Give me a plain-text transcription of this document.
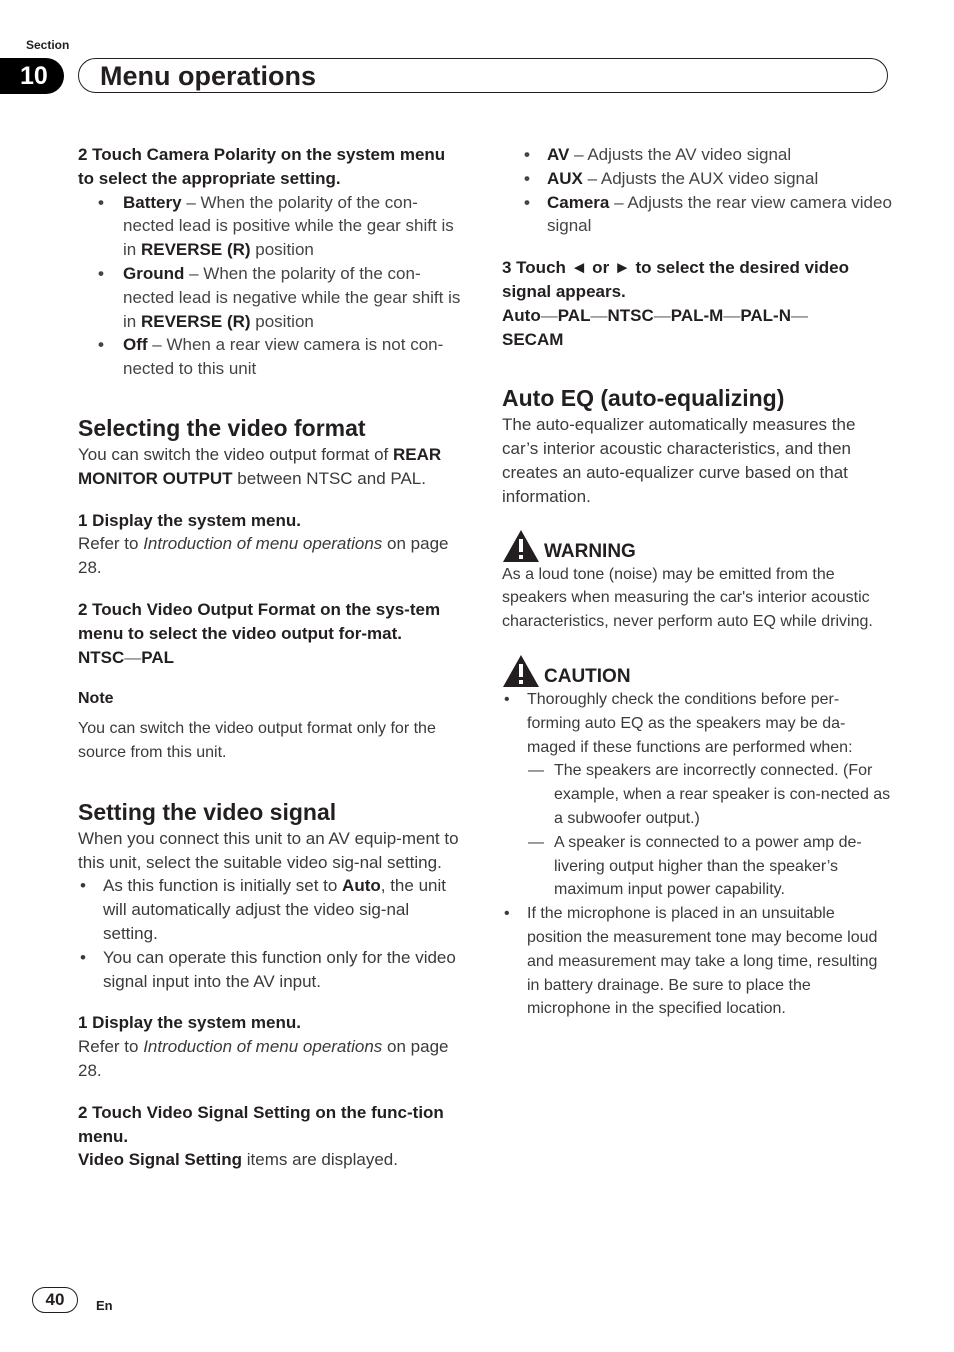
Section
10	Menu operations

2 Touch Camera Polarity on the system menu to select the appropriate setting.

• Battery – When the polarity of the con-nected lead is positive while the gear shift is in REVERSE (R) position
• Ground – When the polarity of the con-nected lead is negative while the gear shift is in REVERSE (R) position
• Off – When a rear view camera is not con-nected to this unit
Selecting the video format

You can switch the video output format of REAR MONITOR OUTPUT between NTSC and PAL.

1 Display the system menu.

Refer to Introduction of menu operations on page 28.

2 Touch Video Output Format on the sys-tem menu to select the video output for-mat.

NTSC—PAL

Note

You can switch the video output format only for the source from this unit.

Setting the video signal

When you connect this unit to an AV equip-ment to this unit, select the suitable video sig-nal setting.

• As this function is initially set to Auto, the unit will automatically adjust the video sig-nal setting.
• You can operate this function only for the video signal input into the AV input.

1 Display the system menu.

Refer to Introduction of menu operations on page 28.

2 Touch Video Signal Setting on the func-tion menu.

Video Signal Setting items are displayed.

• AV – Adjusts the AV video signal
• AUX – Adjusts the AUX video signal
• Camera – Adjusts the rear view camera video signal

3 Touch ◄ or ► to select the desired video signal appears.

Auto—PAL—NTSC—PAL-M—PAL-N—
SECAM

Auto EQ (auto-equalizing)

The auto-equalizer automatically measures the car’s interior acoustic characteristics, and then creates an auto-equalizer curve based on that information.

WARNING

As a loud tone (noise) may be emitted from the speakers when measuring the car's interior acoustic characteristics, never perform auto EQ while driving.

CAUTION
• Thoroughly check the conditions before per-forming auto EQ as the speakers may be da-maged if these functions are performed when:
— The speakers are incorrectly connected. (For example, when a rear speaker is con-nected as a subwoofer output.)
— A speaker is connected to a power amp de-livering output higher than the speaker’s maximum input power capability.
• If the microphone is placed in an unsuitable position the measurement tone may become loud and measurement may take a long time, resulting in battery drainage. Be sure to place the microphone in the specified location.
40	En
